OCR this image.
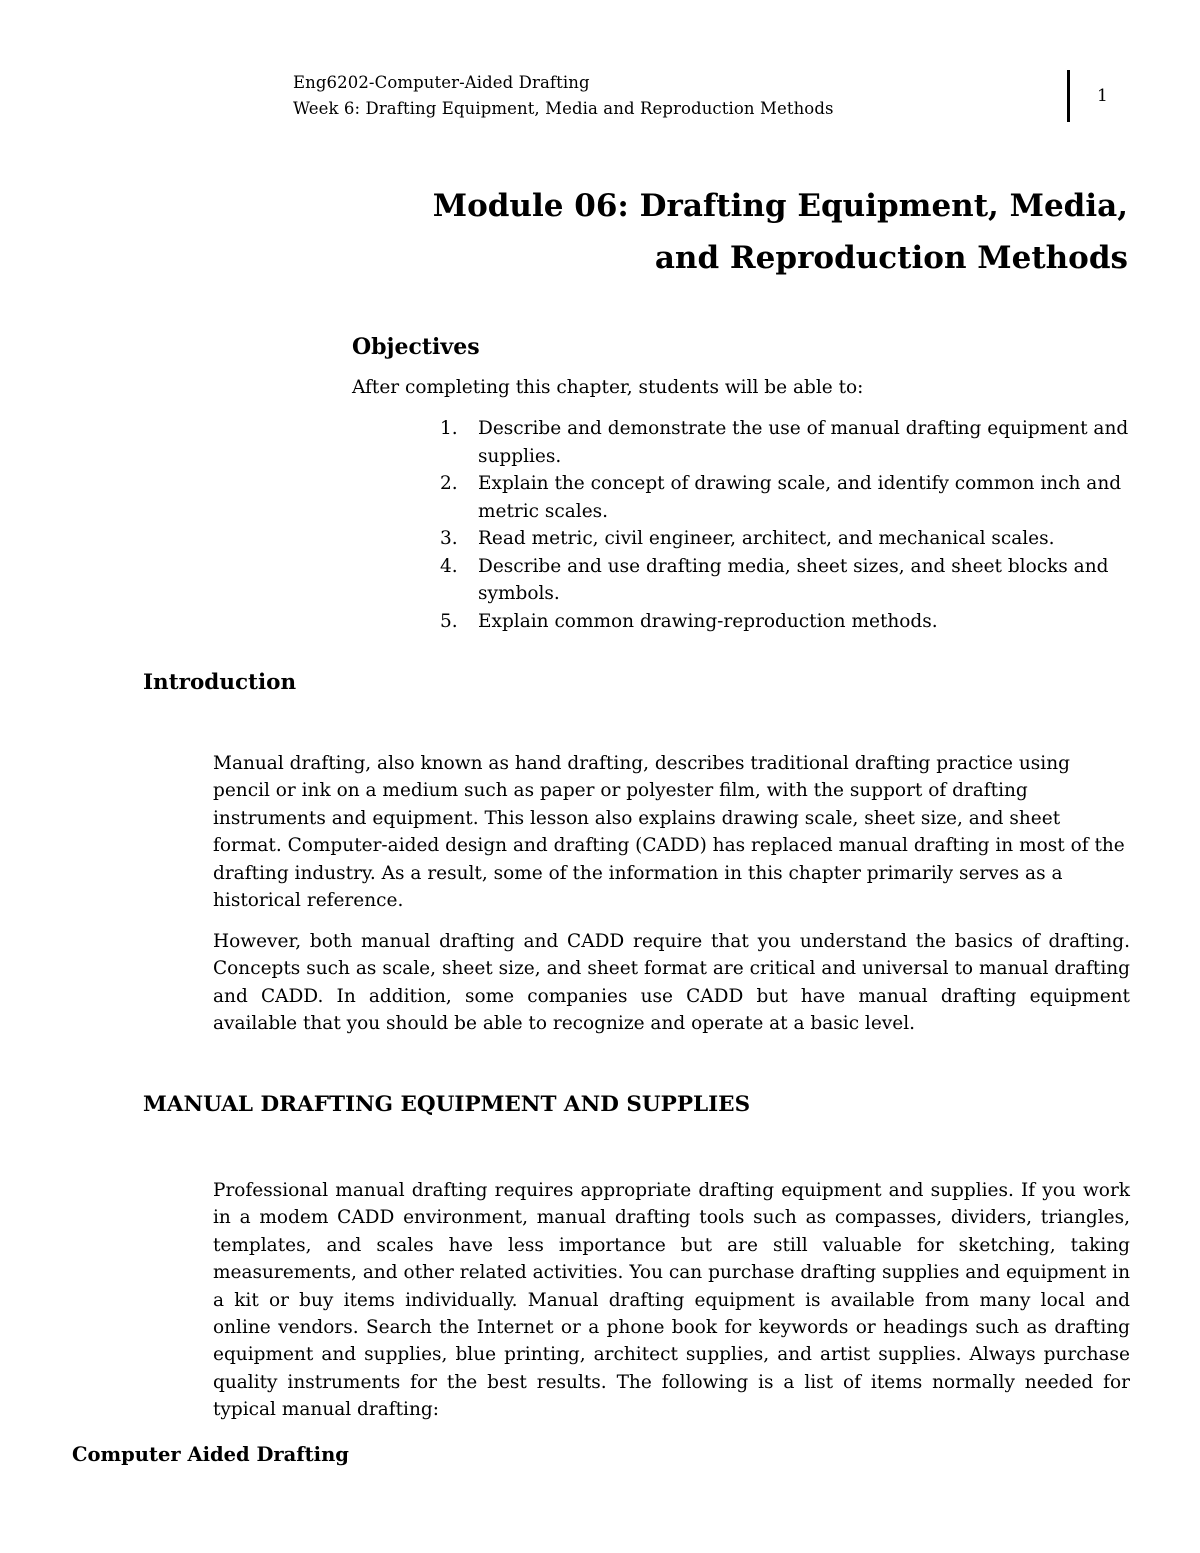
Eng6202-Computer-Aided Drafting
Week 6: Drafting Equipment, Media and Reproduction Methods
1
Module 06: Drafting Equipment, Media,
and Reproduction Methods
Objectives
After completing this chapter, students will be able to:
1. Describe and demonstrate the use of manual drafting equipment and supplies.
2. Explain the concept of drawing scale, and identify common inch and metric scales.
3. Read metric, civil engineer, architect, and mechanical scales.
4. Describe and use drafting media, sheet sizes, and sheet blocks and symbols.
5. Explain common drawing-reproduction methods.
Introduction

Manual drafting, also known as hand drafting, describes traditional drafting practice using pencil or ink on a medium such as paper or polyester film, with the support of drafting instruments and equipment. This lesson also explains drawing scale, sheet size, and sheet format. Computer-aided design and drafting (CADD) has replaced manual drafting in most of the drafting industry. As a result, some of the information in this chapter primarily serves as a historical reference.

However, both manual drafting and CADD require that you understand the basics of drafting. Concepts such as scale, sheet size, and sheet format are critical and universal to manual drafting and CADD. In addition, some companies use CADD but have manual drafting equipment available that you should be able to recognize and operate at a basic level.

MANUAL DRAFTING EQUIPMENT AND SUPPLIES

Professional manual drafting requires appropriate drafting equipment and supplies. If you work in a modem CADD environment, manual drafting tools such as compasses, dividers, triangles, templates, and scales have less importance but are still valuable for sketching, taking measurements, and other related activities. You can purchase drafting supplies and equipment in a kit or buy items individually. Manual drafting equipment is available from many local and online vendors. Search the Internet or a phone book for keywords or headings such as drafting equipment and supplies, blue printing, architect supplies, and artist supplies. Always purchase quality instruments for the best results. The following is a list of items normally needed for typical manual drafting:

Computer Aided Drafting
